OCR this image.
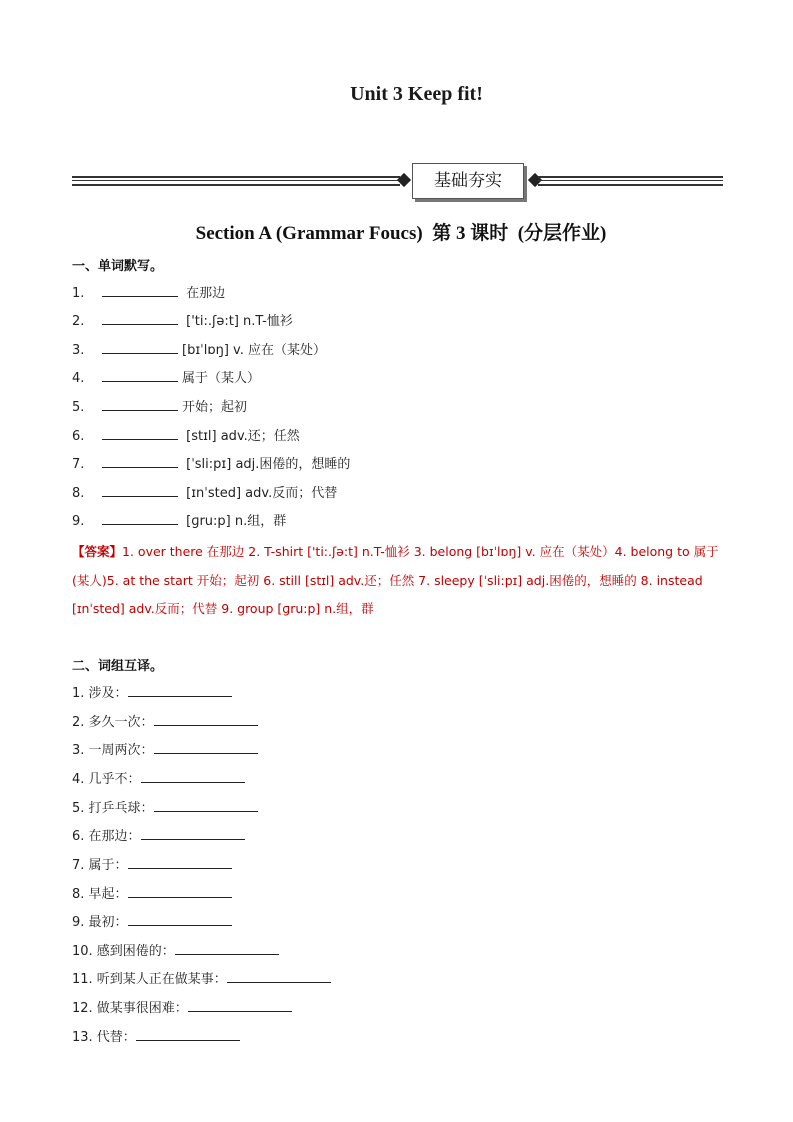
Unit 3 Keep fit!
基础夯实
Section A (Grammar Foucs)  第 3 课时  (分层作业)
一、单词默写。
1.	在那边
2.	['ti:.ʃə:t] n.T-恤衫
3.	[bɪˈlɒŋ] v. 应在（某处）
4.	属于（某人）
5.	开始；起初
6.	[stɪl] adv.还；任然
7.	[ˈsli:pɪ] adj.困倦的，想睡的
8.	[ɪnˈsted] adv.反而；代替
9.	[ɡru:p] n.组，群
【答案】1. over there 在那边 2. T-shirt ['ti:.ʃə:t] n.T-恤衫 3. belong [bɪˈlɒŋ] v. 应在（某处）4. belong to 属于(某人)5. at the start 开始；起初 6. still [stɪl] adv.还；任然 7. sleepy [ˈsli:pɪ] adj.困倦的，想睡的 8. instead [ɪnˈsted] adv.反而；代替 9. group [ɡru:p] n.组，群
二、词组互译。
1. 涉及：
2. 多久一次：
3. 一周两次：
4. 几乎不：
5. 打乒乓球：
6. 在那边：
7. 属于：
8. 早起：
9. 最初：
10. 感到困倦的：
11. 听到某人正在做某事：
12. 做某事很困难：
13. 代替：
